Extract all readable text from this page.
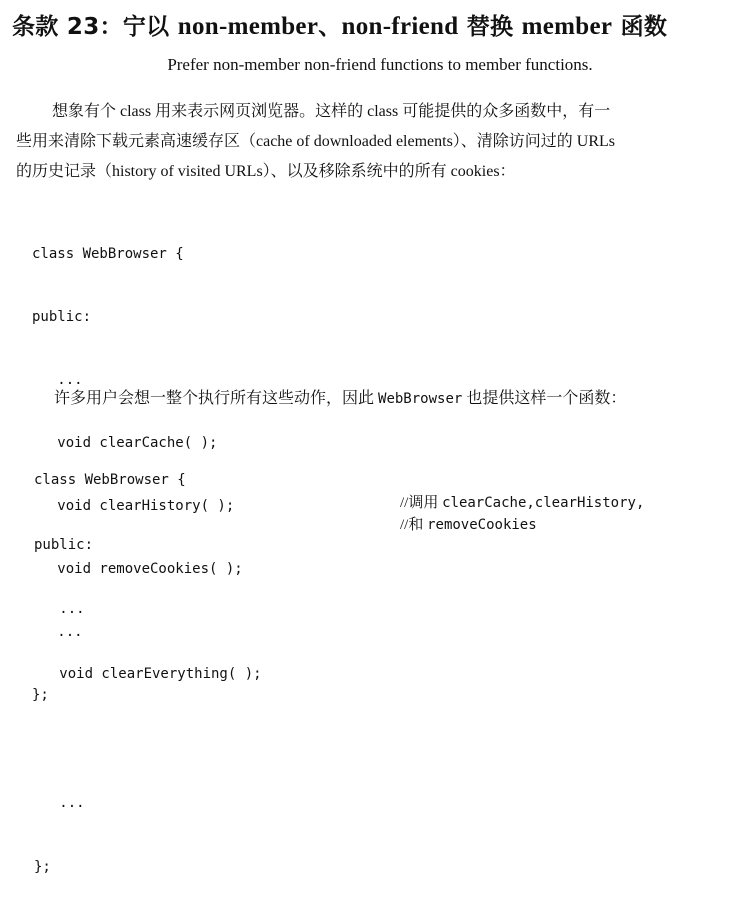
条款 23：宁以 non-member、non-friend 替换 member 函数
Prefer non-member non-friend functions to member functions.
想象有个 class 用来表示网页浏览器。这样的 class 可能提供的众多函数中，有一
些用来清除下载元素高速缓存区（cache of downloaded elements）、清除访问过的 URLs
的历史记录（history of visited URLs）、以及移除系统中的所有 cookies：

class WebBrowser {

public:

...

void clearCache( );

void clearHistory( );

void removeCookies( );

...

};

许多用户会想一整个执行所有这些动作，因此 WebBrowser 也提供这样一个函数：

class WebBrowser {

public:

...

void clearEverything( );

...

};

//调用 clearCache,clearHistory,
//和 removeCookies
